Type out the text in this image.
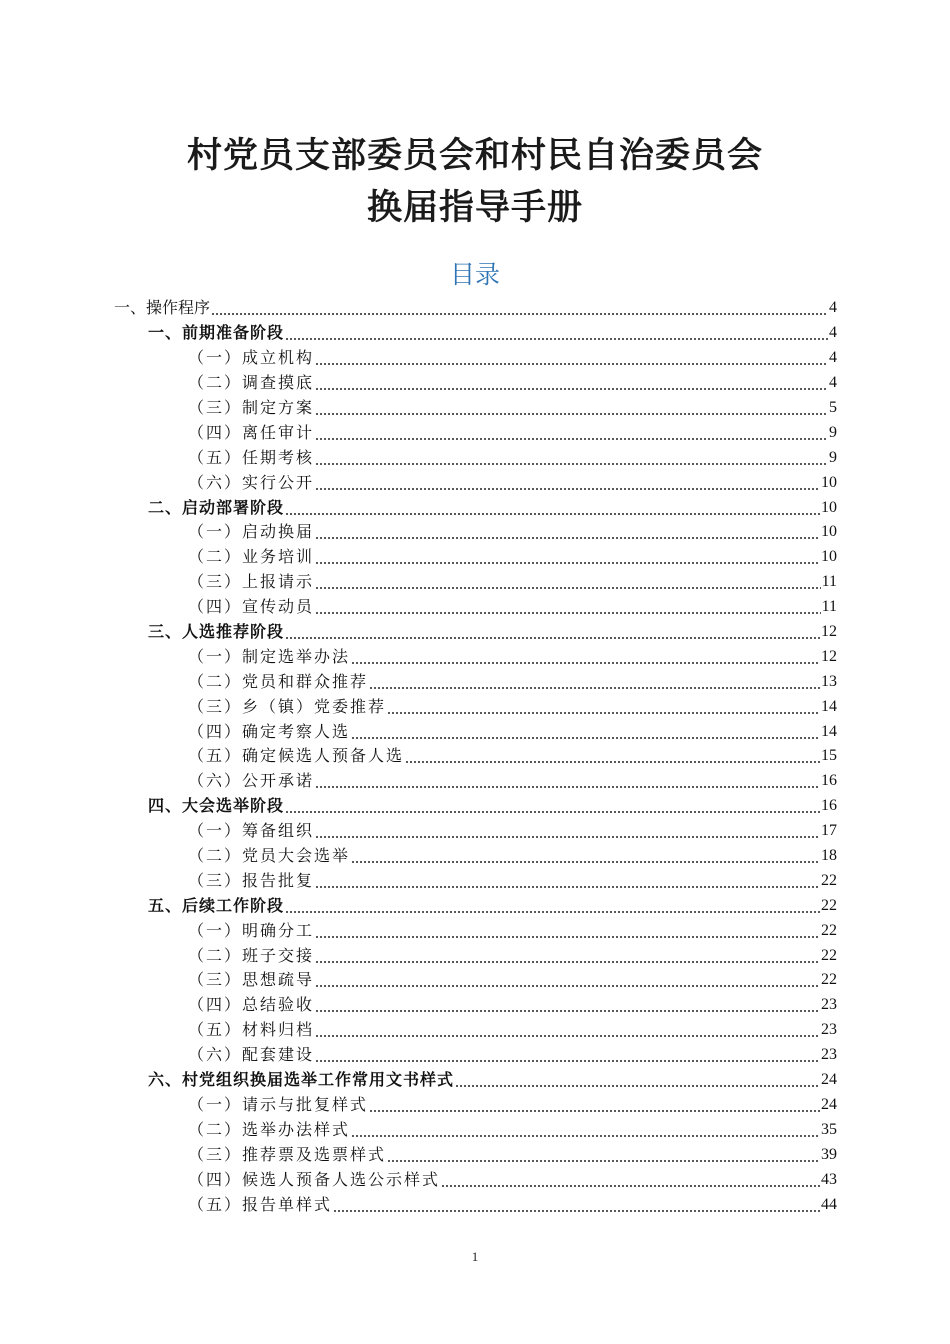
村党员支部委员会和村民自治委员会
换届指导手册
目录
一、操作程序	4
一、前期准备阶段	4
（一）成立机构	4
（二）调查摸底	4
（三）制定方案	5
（四）离任审计	9
（五）任期考核	9
（六）实行公开	10
二、启动部署阶段	10
（一）启动换届	10
（二）业务培训	10
（三）上报请示	11
（四）宣传动员	11
三、人选推荐阶段	12
（一）制定选举办法	12
（二）党员和群众推荐	13
（三）乡（镇）党委推荐	14
（四）确定考察人选	14
（五）确定候选人预备人选	15
（六）公开承诺	16
四、大会选举阶段	16
（一）筹备组织	17
（二）党员大会选举	18
（三）报告批复	22
五、后续工作阶段	22
（一）明确分工	22
（二）班子交接	22
（三）思想疏导	22
（四）总结验收	23
（五）材料归档	23
（六）配套建设	23
六、村党组织换届选举工作常用文书样式	24
（一）请示与批复样式	24
（二）选举办法样式	35
（三）推荐票及选票样式	39
（四）候选人预备人选公示样式	43
（五）报告单样式	44
1
